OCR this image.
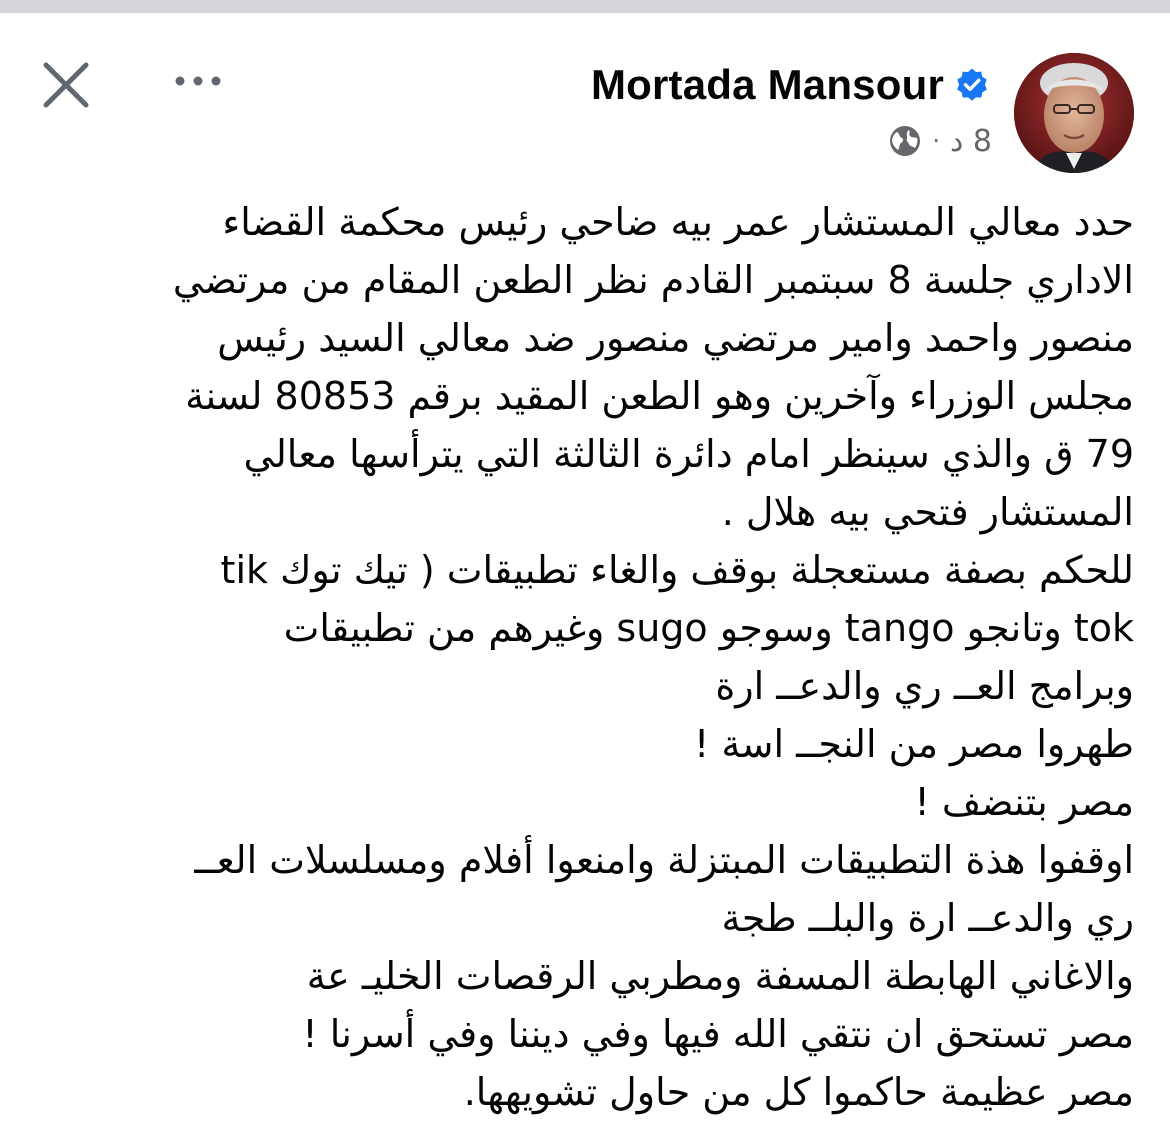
Mortada Mansour
· 8 د
حدد معالي المستشار عمر بيه ضاحي رئيس محكمة القضاء
الاداري جلسة 8 سبتمبر القادم نظر الطعن المقام من مرتضي
منصور واحمد وامير مرتضي منصور ضد معالي السيد رئيس
مجلس الوزراء وآخرين وهو الطعن المقيد برقم 80853 لسنة
79 ق والذي سينظر امام دائرة الثالثة التي يترأسها معالي
المستشار فتحي بيه هلال .
للحكم بصفة مستعجلة بوقف والغاء تطبيقات ( تيك توك tik
tok وتانجو tango وسوجو sugo وغيرهم من تطبيقات
وبرامج العــ ري والدعــ ارة
طهروا مصر من النجــ اسة !
مصر بتنضف !
اوقفوا هذة التطبيقات المبتزلة وامنعوا أفلام ومسلسلات العــ
ري والدعــ ارة والبلــ طجة
والاغاني الهابطة المسفة ومطربي الرقصات الخليـ عة
مصر تستحق ان نتقي الله فيها وفي ديننا وفي أسرنا !
مصر عظيمة حاكموا كل من حاول تشويهها.
